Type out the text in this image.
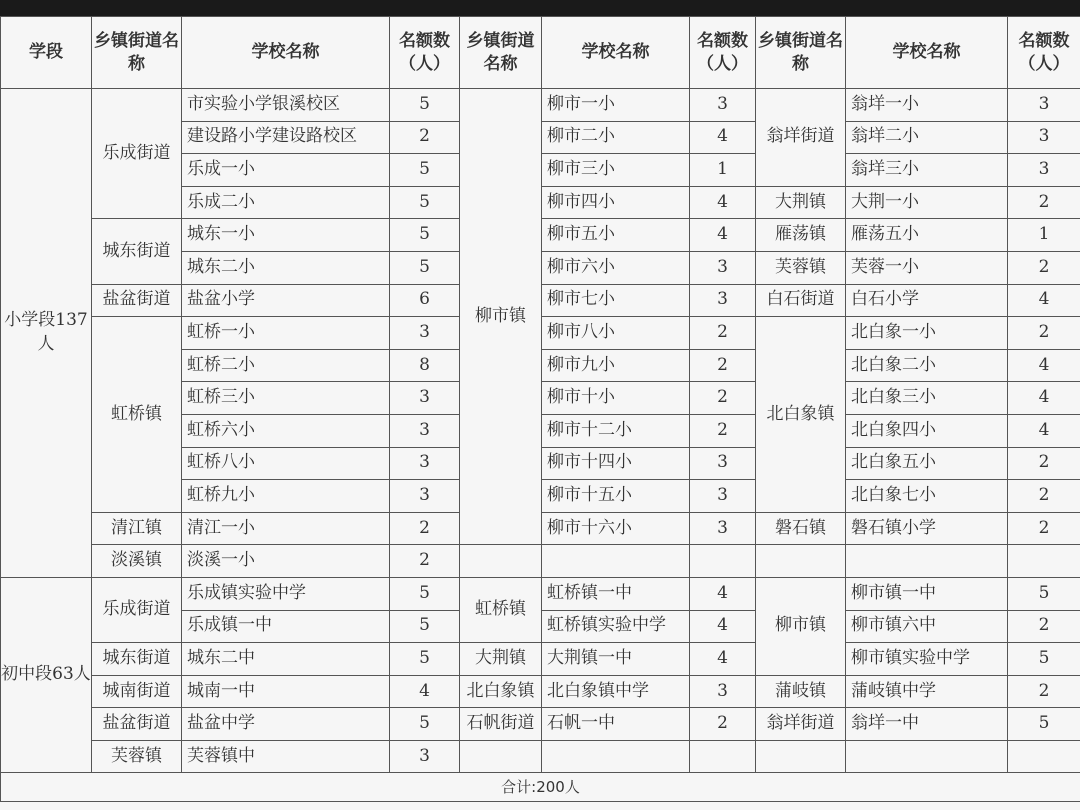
学段	乡镇街道名称	学校名称	名额数（人）	乡镇街道名称	学校名称	名额数（人）	乡镇街道名称	学校名称	名额数（人）	
小学段137人	乐成街道	市实验小学银溪校区	5	柳市镇	柳市一小	3	翁垟街道	翁垟一小	3	
		建设路小学建设路校区	2		柳市二小	4		翁垟二小	3	
		乐成一小	5		柳市三小	1		翁垟三小	3	
		乐成二小	5		柳市四小	4	大荆镇	大荆一小	2	
	城东街道	城东一小	5		柳市五小	4	雁荡镇	雁荡五小	1	
		城东二小	5		柳市六小	3	芙蓉镇	芙蓉一小	2	
	盐盆街道	盐盆小学	6		柳市七小	3	白石街道	白石小学	4	
	虹桥镇	虹桥一小	3		柳市八小	2	北白象镇	北白象一小	2	
		虹桥二小	8		柳市九小	2		北白象二小	4	
		虹桥三小	3		柳市十小	2		北白象三小	4	
		虹桥六小	3		柳市十二小	2		北白象四小	4	
		虹桥八小	3		柳市十四小	3		北白象五小	2	
		虹桥九小	3		柳市十五小	3		北白象七小	2	
	清江镇	清江一小	2		柳市十六小	3	磐石镇	磐石镇小学	2	
	淡溪镇	淡溪一小	2							
初中段63人	乐成街道	乐成镇实验中学	5	虹桥镇	虹桥镇一中	4	柳市镇	柳市镇一中	5	
		乐成镇一中	5		虹桥镇实验中学	4		柳市镇六中	2	
	城东街道	城东二中	5	大荆镇	大荆镇一中	4		柳市镇实验中学	5	
	城南街道	城南一中	4	北白象镇	北白象镇中学	3	蒲岐镇	蒲岐镇中学	2	
	盐盆街道	盐盆中学	5	石帆街道	石帆一中	2	翁垟街道	翁垟一中	5	
	芙蓉镇	芙蓉镇中	3							
合计:200人										
